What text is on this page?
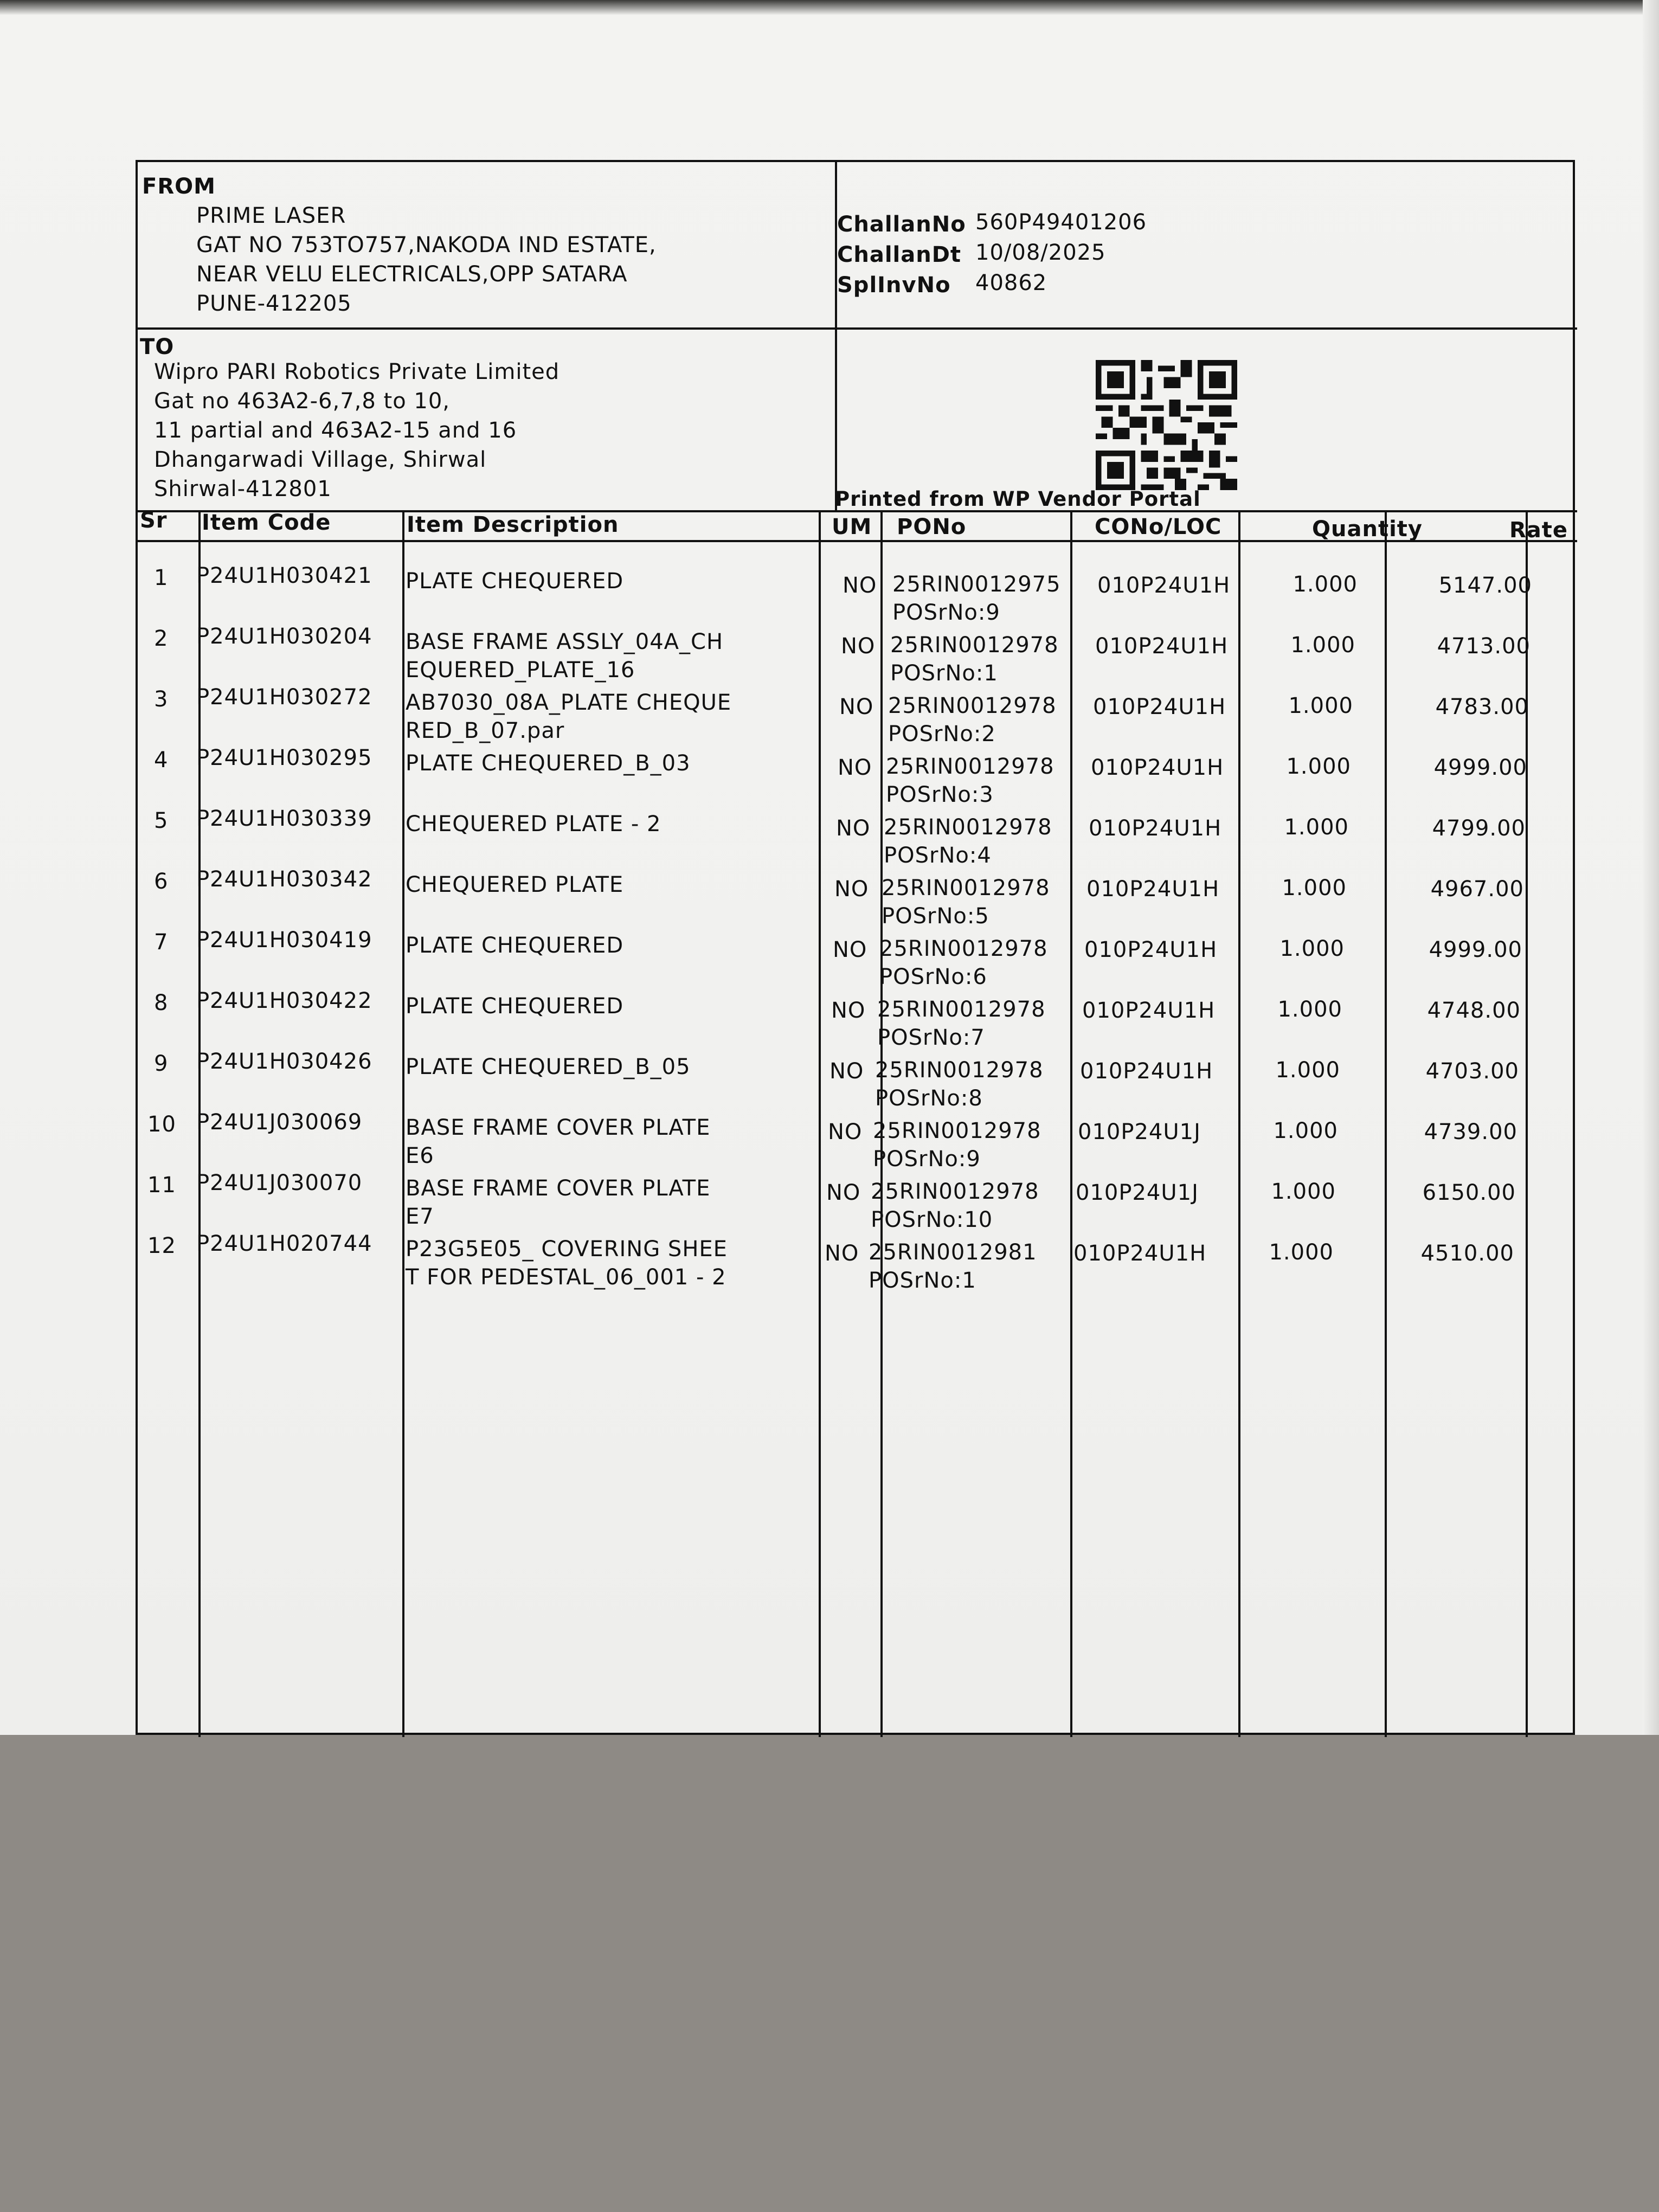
FROM
PRIME LASER
GAT NO 753TO757,NAKODA IND ESTATE,
NEAR VELU ELECTRICALS,OPP SATARA
PUNE-412205
ChallanNo 560P49401206
ChallanDt 10/08/2025
SplInvNo 40862
TO
Wipro PARI Robotics Private Limited
Gat no 463A2-6,7,8 to 10,
11 partial and 463A2-15 and 16
Dhangarwadi Village, Shirwal
Shirwal-412801	Printed from WP Vendor Portal
Sr Item Code	Item Description	UM PONo	CONo/LOC	Quantity	Rate
1 P24U1H030421 PLATE CHEQUERED	NO 25RIN0012975
POSrNo:9
010P24U1H	1.000	5147.00
2 P24U1H030204 BASE FRAME ASSLY_04A_CH
EQUERED_PLATE_16
NO 25RIN0012978
POSrNo:1
010P24U1H	1.000	4713.00
3 P24U1H030272 AB7030_08A_PLATE CHEQUE
RED_B_07.par
NO 25RIN0012978
POSrNo:2
010P24U1H	1.000	4783.00
4 P24U1H030295 PLATE CHEQUERED_B_03	NO 25RIN0012978
POSrNo:3
010P24U1H	1.000	4999.00
5 P24U1H030339 CHEQUERED PLATE - 2	NO 25RIN0012978
POSrNo:4
010P24U1H	1.000	4799.00
6 P24U1H030342 CHEQUERED PLATE	NO 25RIN0012978
POSrNo:5
010P24U1H	1.000	4967.00
7 P24U1H030419 PLATE CHEQUERED	NO 25RIN0012978
POSrNo:6
010P24U1H	1.000	4999.00
8 P24U1H030422 PLATE CHEQUERED	NO 25RIN0012978
POSrNo:7
010P24U1H	1.000	4748.00
9 P24U1H030426 PLATE CHEQUERED_B_05	NO 25RIN0012978
POSrNo:8
010P24U1H	1.000	4703.00
10 P24U1J030069 BASE FRAME COVER PLATE
E6
NO 25RIN0012978
POSrNo:9
010P24U1J	1.000	4739.00
11 P24U1J030070 BASE FRAME COVER PLATE
E7
NO 25RIN0012978
POSrNo:10
010P24U1J	1.000	6150.00
12 P24U1H020744 P23G5E05_ COVERING SHEE
T FOR PEDESTAL_06_001 - 2
NO 25RIN0012981
POSrNo:1
010P24U1H	1.000	4510.00
